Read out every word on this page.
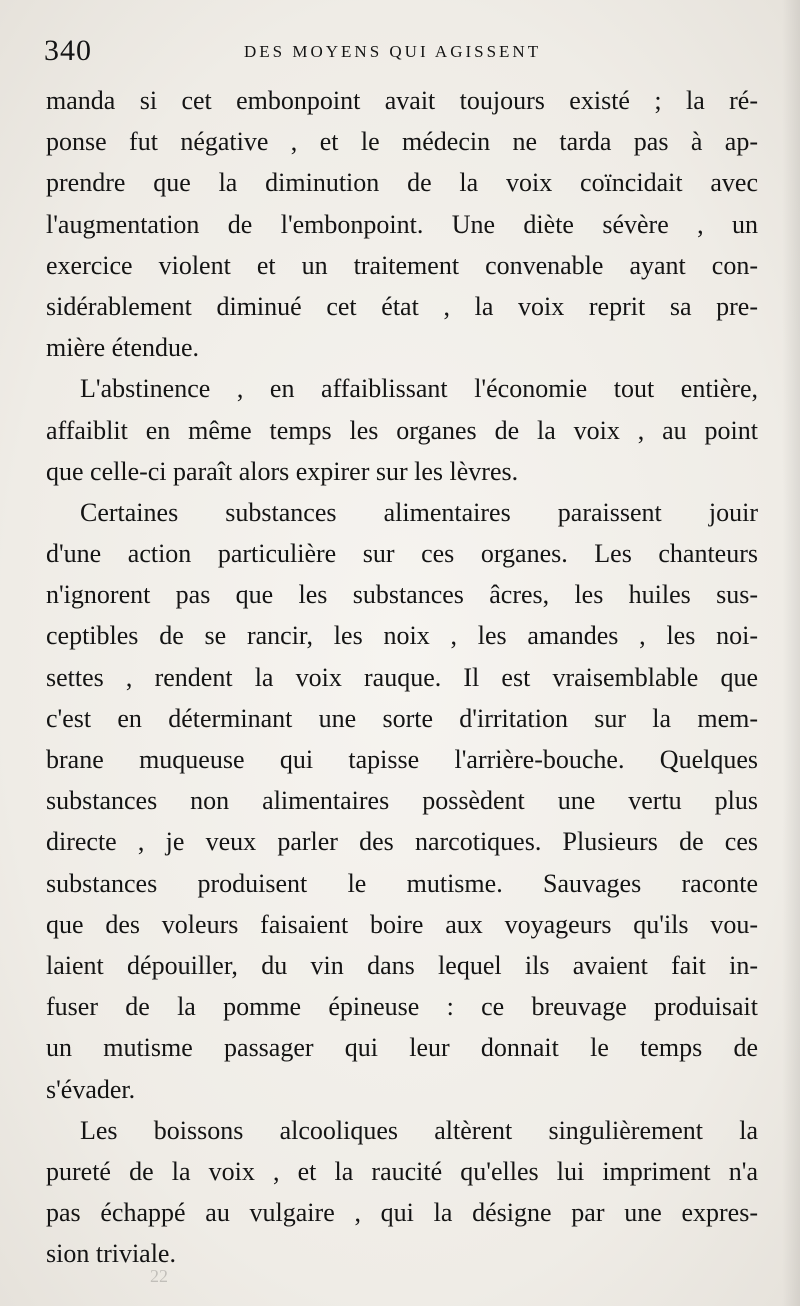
340	DES MOYENS QUI AGISSENT
manda si cet embonpoint avait toujours existé ; la ré-
ponse fut négative , et le médecin ne tarda pas à ap-
prendre que la diminution de la voix coïncidait avec
l'augmentation de l'embonpoint. Une diète sévère , un
exercice violent et un traitement convenable ayant con-
sidérablement diminué cet état , la voix reprit sa pre-
mière étendue.
L'abstinence , en affaiblissant l'économie tout entière,
affaiblit en même temps les organes de la voix , au point
que celle-ci paraît alors expirer sur les lèvres.
Certaines substances alimentaires paraissent jouir
d'une action particulière sur ces organes. Les chanteurs
n'ignorent pas que les substances âcres, les huiles sus-
ceptibles de se rancir, les noix , les amandes , les noi-
settes , rendent la voix rauque. Il est vraisemblable que
c'est en déterminant une sorte d'irritation sur la mem-
brane muqueuse qui tapisse l'arrière-bouche. Quelques
substances non alimentaires possèdent une vertu plus
directe , je veux parler des narcotiques. Plusieurs de ces
substances produisent le mutisme. Sauvages raconte
que des voleurs faisaient boire aux voyageurs qu'ils vou-
laient dépouiller, du vin dans lequel ils avaient fait in-
fuser de la pomme épineuse : ce breuvage produisait
un mutisme passager qui leur donnait le temps de
s'évader.
Les boissons alcooliques altèrent singulièrement la
pureté de la voix , et la raucité qu'elles lui impriment n'a
pas échappé au vulgaire , qui la désigne par une expres-
sion triviale.
22
